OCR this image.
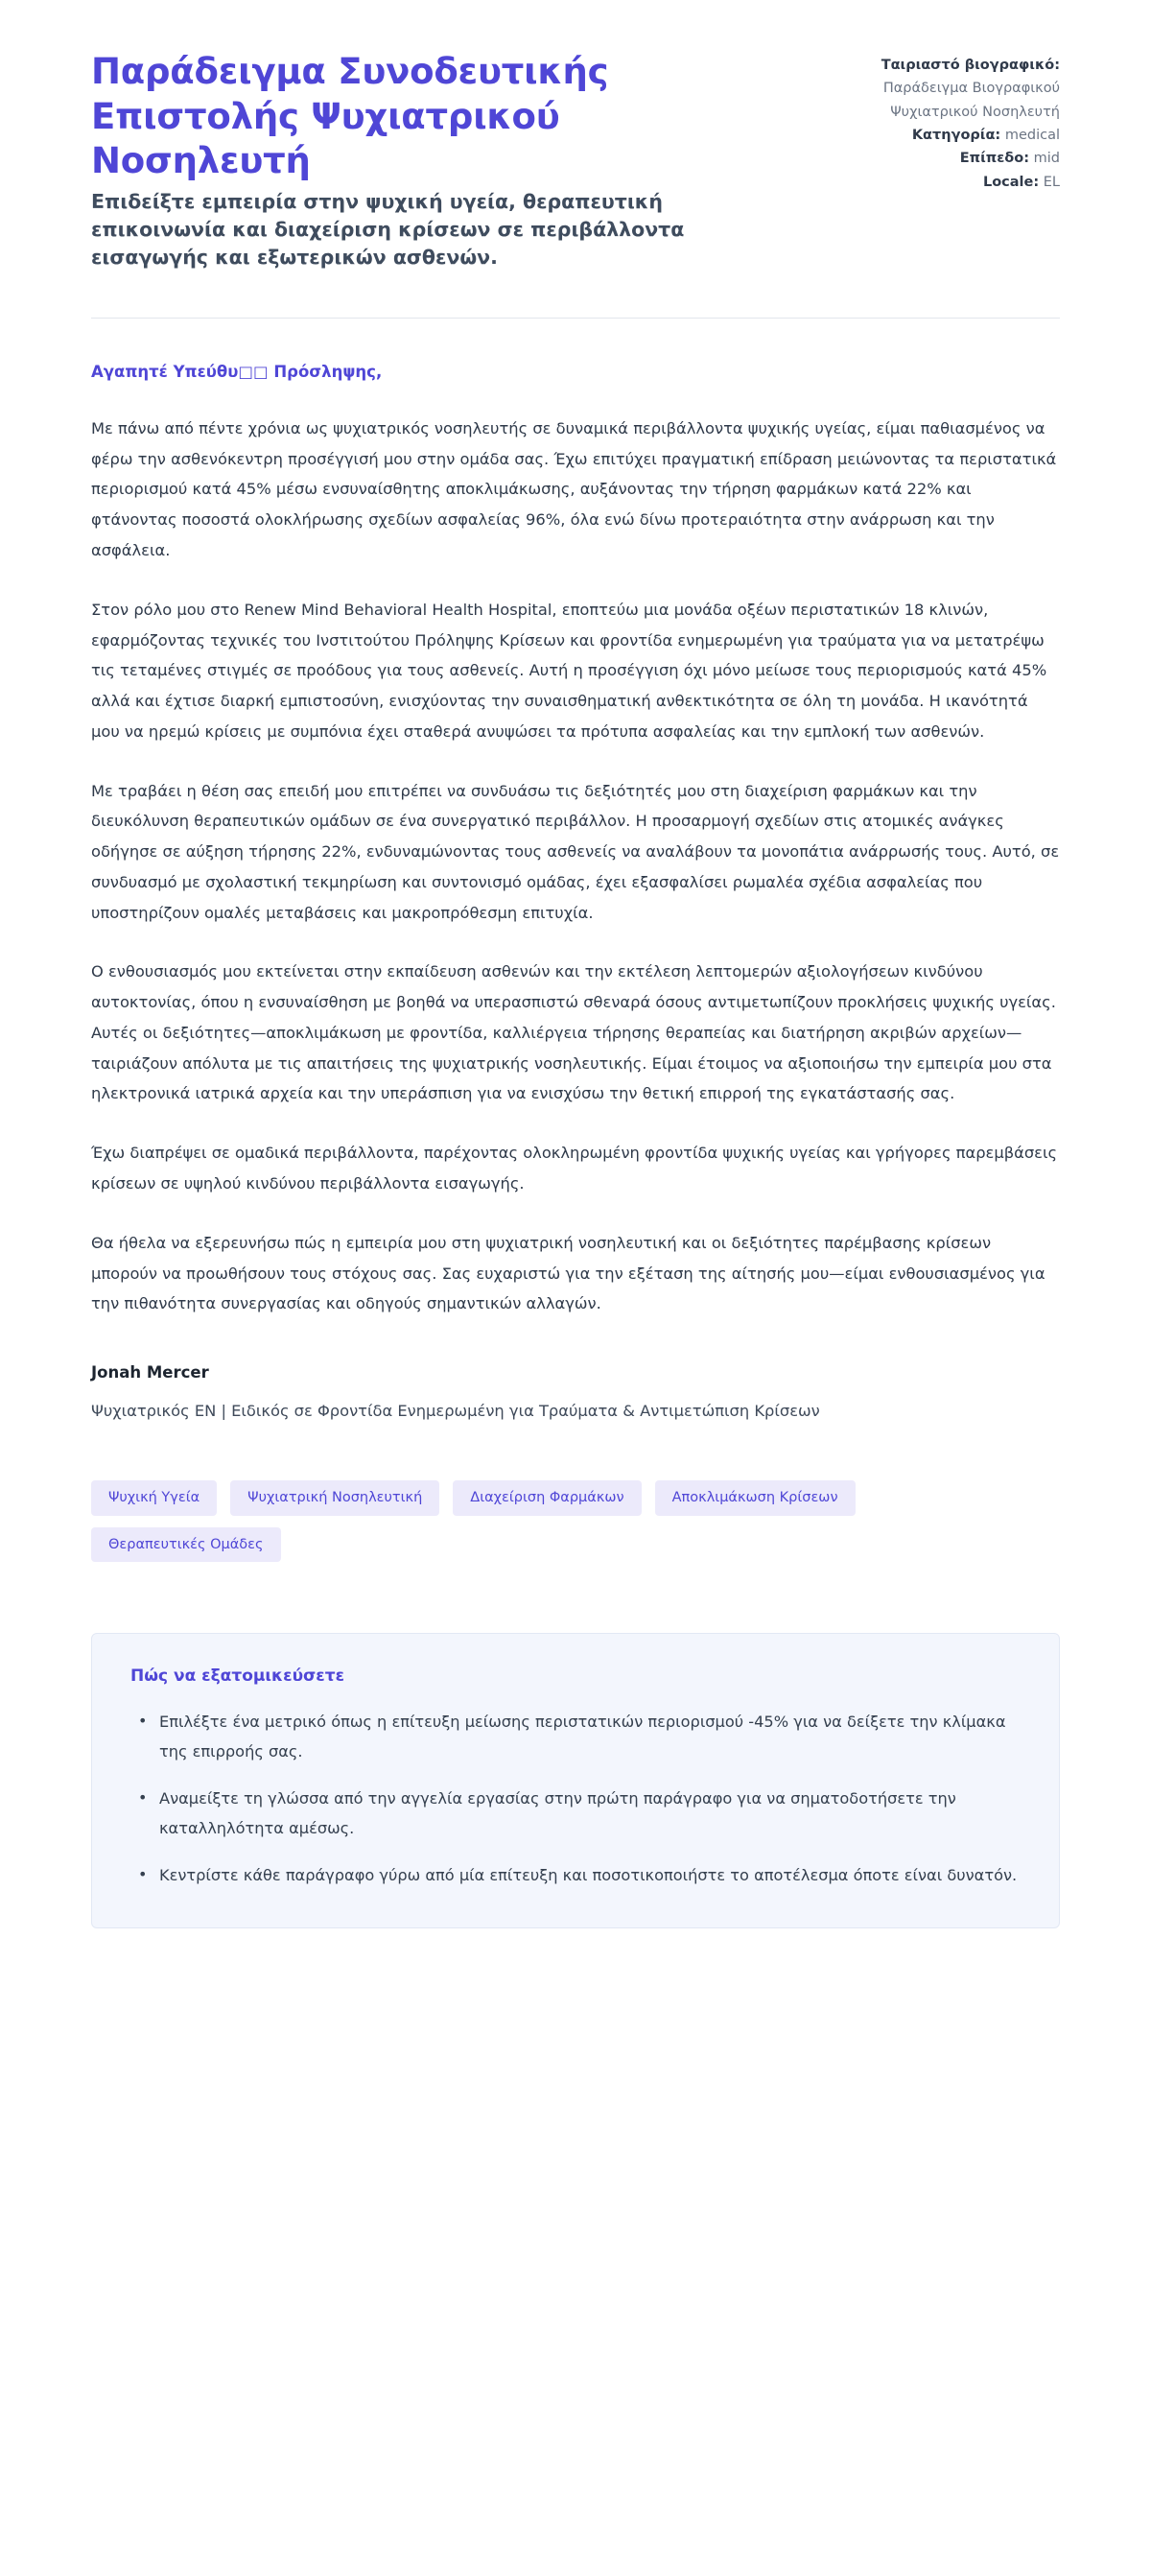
Παράδειγμα Συνοδευτικής Επιστολής Ψυχιατρικού Νοσηλευτή

Επιδείξτε εμπειρία στην ψυχική υγεία, θεραπευτική επικοινωνία και διαχείριση κρίσεων σε περιβάλλοντα εισαγωγής και εξωτερικών ασθενών.

Ταιριαστό βιογραφικό:
Παράδειγμα Βιογραφικού Ψυχιατρικού Νοσηλευτή
Κατηγορία: medical
Επίπεδο: mid
Locale: EL

Αγαπητέ Υπεύθυ□□ Πρόσληψης,

Με πάνω από πέντε χρόνια ως ψυχιατρικός νοσηλευτής σε δυναμικά περιβάλλοντα ψυχικής υγείας, είμαι παθιασμένος να φέρω την ασθενόκεντρη προσέγγισή μου στην ομάδα σας. Έχω επιτύχει πραγματική επίδραση μειώνοντας τα περιστατικά περιορισμού κατά 45% μέσω ενσυναίσθητης αποκλιμάκωσης, αυξάνοντας την τήρηση φαρμάκων κατά 22% και φτάνοντας ποσοστά ολοκλήρωσης σχεδίων ασφαλείας 96%, όλα ενώ δίνω προτεραιότητα στην ανάρρωση και την ασφάλεια.

Στον ρόλο μου στο Renew Mind Behavioral Health Hospital, εποπτεύω μια μονάδα οξέων περιστατικών 18 κλινών, εφαρμόζοντας τεχνικές του Ινστιτούτου Πρόληψης Κρίσεων και φροντίδα ενημερωμένη για τραύματα για να μετατρέψω τις τεταμένες στιγμές σε προόδους για τους ασθενείς. Αυτή η προσέγγιση όχι μόνο μείωσε τους περιορισμούς κατά 45% αλλά και έχτισε διαρκή εμπιστοσύνη, ενισχύοντας την συναισθηματική ανθεκτικότητα σε όλη τη μονάδα. Η ικανότητά μου να ηρεμώ κρίσεις με συμπόνια έχει σταθερά ανυψώσει τα πρότυπα ασφαλείας και την εμπλοκή των ασθενών.

Με τραβάει η θέση σας επειδή μου επιτρέπει να συνδυάσω τις δεξιότητές μου στη διαχείριση φαρμάκων και την διευκόλυνση θεραπευτικών ομάδων σε ένα συνεργατικό περιβάλλον. Η προσαρμογή σχεδίων στις ατομικές ανάγκες οδήγησε σε αύξηση τήρησης 22%, ενδυναμώνοντας τους ασθενείς να αναλάβουν τα μονοπάτια ανάρρωσής τους. Αυτό, σε συνδυασμό με σχολαστική τεκμηρίωση και συντονισμό ομάδας, έχει εξασφαλίσει ρωμαλέα σχέδια ασφαλείας που υποστηρίζουν ομαλές μεταβάσεις και μακροπρόθεσμη επιτυχία.

Ο ενθουσιασμός μου εκτείνεται στην εκπαίδευση ασθενών και την εκτέλεση λεπτομερών αξιολογήσεων κινδύνου αυτοκτονίας, όπου η ενσυναίσθηση με βοηθά να υπερασπιστώ σθεναρά όσους αντιμετωπίζουν προκλήσεις ψυχικής υγείας. Αυτές οι δεξιότητες—αποκλιμάκωση με φροντίδα, καλλιέργεια τήρησης θεραπείας και διατήρηση ακριβών αρχείων—ταιριάζουν απόλυτα με τις απαιτήσεις της ψυχιατρικής νοσηλευτικής. Είμαι έτοιμος να αξιοποιήσω την εμπειρία μου στα ηλεκτρονικά ιατρικά αρχεία και την υπεράσπιση για να ενισχύσω την θετική επιρροή της εγκατάστασής σας.

Έχω διαπρέψει σε ομαδικά περιβάλλοντα, παρέχοντας ολοκληρωμένη φροντίδα ψυχικής υγείας και γρήγορες παρεμβάσεις κρίσεων σε υψηλού κινδύνου περιβάλλοντα εισαγωγής.

Θα ήθελα να εξερευνήσω πώς η εμπειρία μου στη ψυχιατρική νοσηλευτική και οι δεξιότητες παρέμβασης κρίσεων μπορούν να προωθήσουν τους στόχους σας. Σας ευχαριστώ για την εξέταση της αίτησής μου—είμαι ενθουσιασμένος για την πιθανότητα συνεργασίας και οδηγούς σημαντικών αλλαγών.

Jonah Mercer
Ψυχιατρικός ΕΝ | Ειδικός σε Φροντίδα Ενημερωμένη για Τραύματα & Αντιμετώπιση Κρίσεων
Ψυχική Υγεία	Ψυχιατρική Νοσηλευτική	Διαχείριση Φαρμάκων	Αποκλιμάκωση Κρίσεων
Θεραπευτικές Ομάδες
Πώς να εξατομικεύσετε
• Επιλέξτε ένα μετρικό όπως η επίτευξη μείωσης περιστατικών περιορισμού -45% για να δείξετε την κλίμακα της επιρροής σας.
• Αναμείξτε τη γλώσσα από την αγγελία εργασίας στην πρώτη παράγραφο για να σηματοδοτήσετε την καταλληλότητα αμέσως.
• Κεντρίστε κάθε παράγραφο γύρω από μία επίτευξη και ποσοτικοποιήστε το αποτέλεσμα όποτε είναι δυνατόν.
